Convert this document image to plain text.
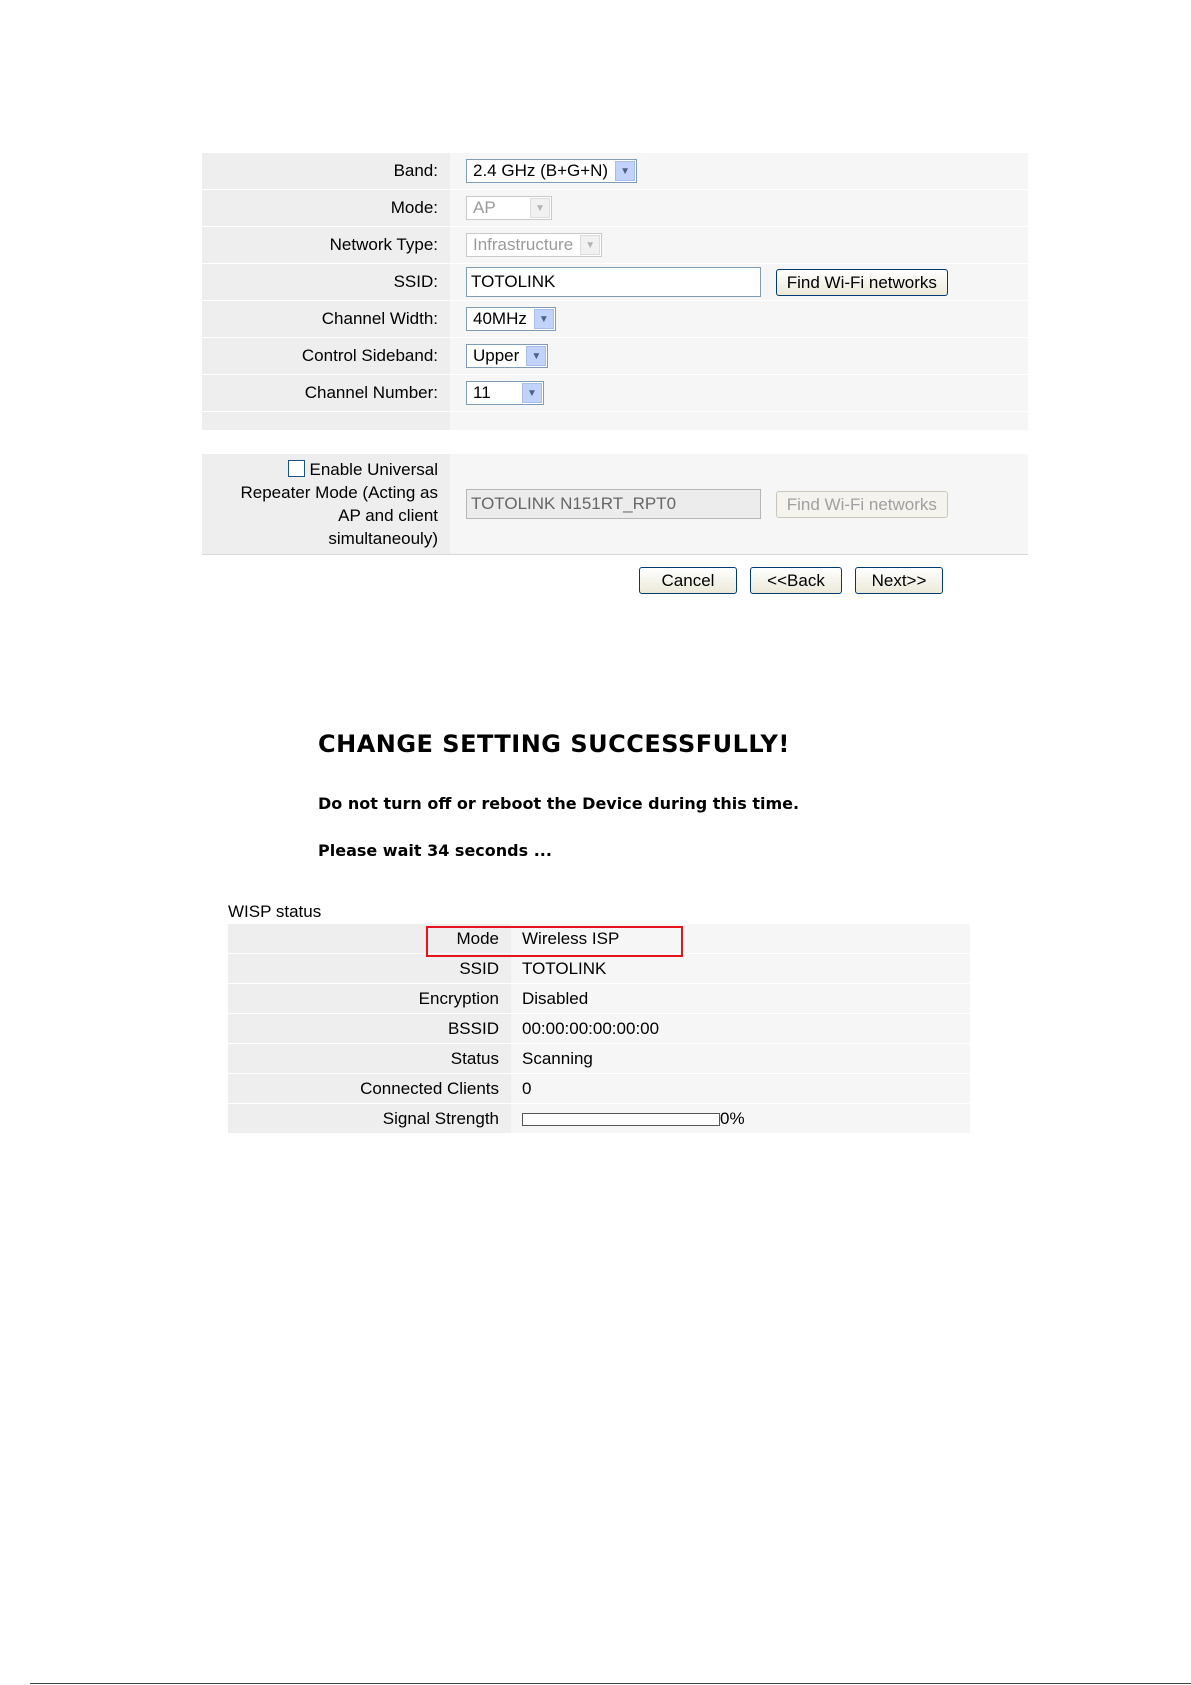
Band:	2.4 GHz (B+G+N) ▼

Mode:	AP ▼

Network Type:	Infrastructure ▼

SSID:	TOTOLINK Find Wi-Fi networks
Channel Width:	40MHz ▼

Control Sideband:	Upper ▼

Channel Number:	11 ▼

Enable Universal
Repeater Mode (Acting as
AP and client
simultaneouly)	TOTOLINK N151RT_RPT0 Find Wi-Fi networks
Cancel	<<Back	Next>>
CHANGE SETTING SUCCESSFULLY!
Do not turn off or reboot the Device during this time.
Please wait 34 seconds ...
WISP status
Mode	Wireless ISP
SSID	TOTOLINK
Encryption	Disabled
BSSID	00:00:00:00:00:00
Status	Scanning
Connected Clients	0
Signal Strength	0%
